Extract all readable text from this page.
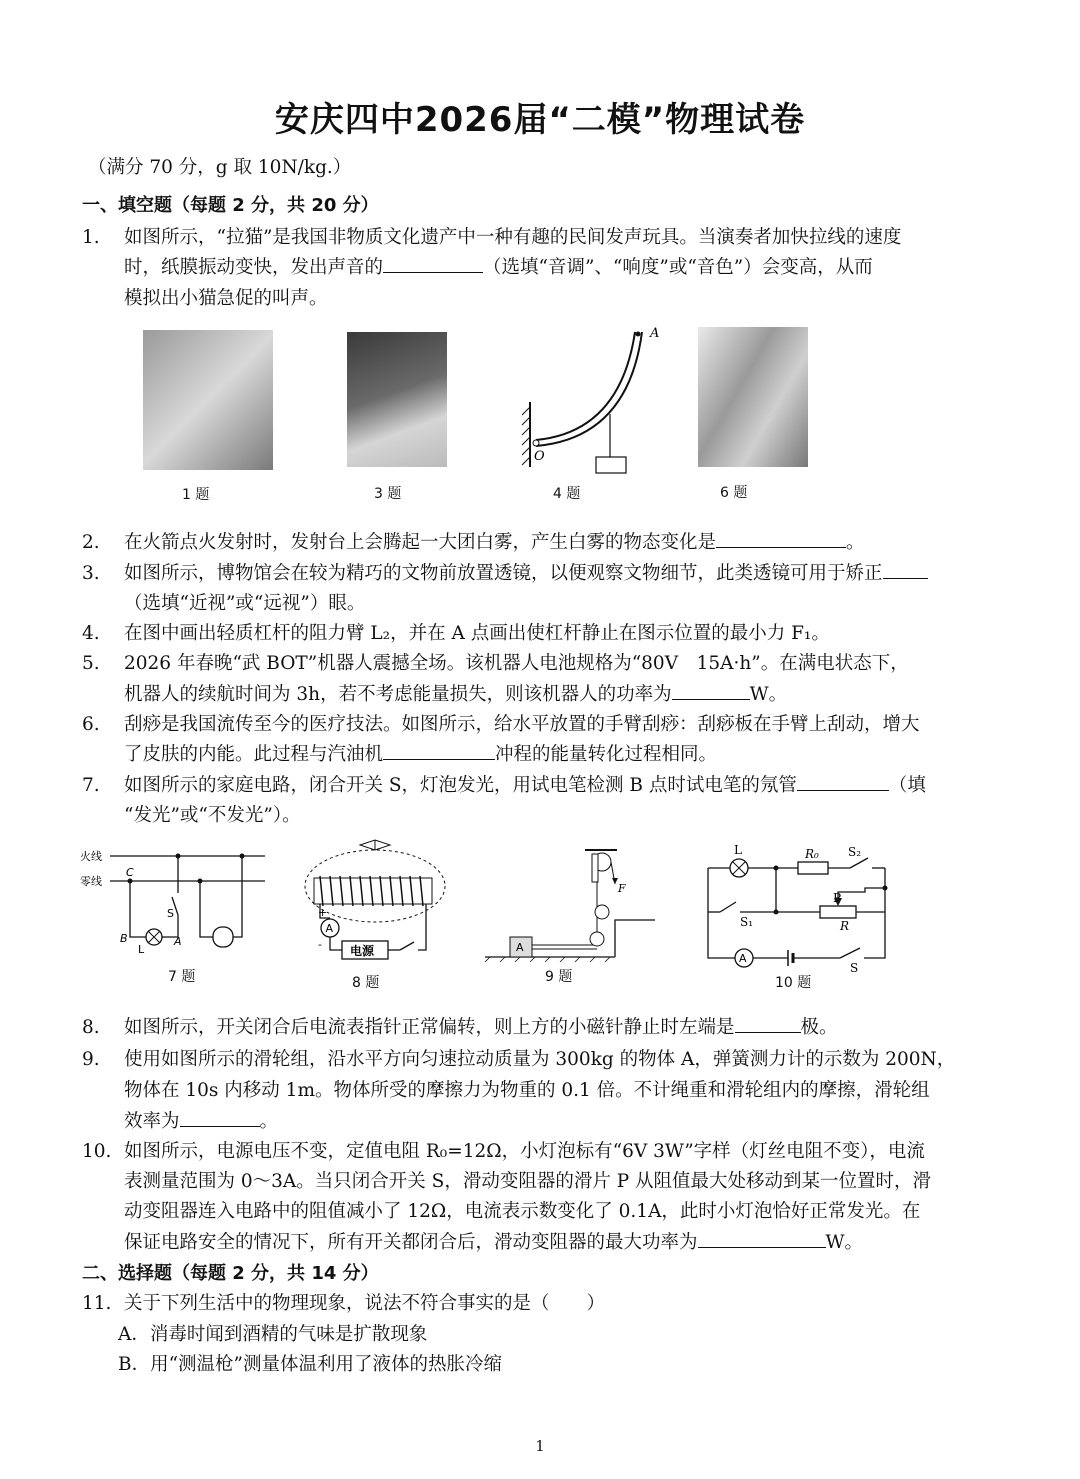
安庆四中2026届“二模”物理试卷
（满分 70 分，g 取 10N/kg.）
一、填空题（每题 2 分，共 20 分）
1. 如图所示，“拉猫”是我国非物质文化遗产中一种有趣的民间发声玩具。当演奏者加快拉线的速度
时，纸膜振动变快，发出声音的	（选填“音调”、“响度”或“音色”）会变高，从而
模拟出小猫急促的叫声。
A
O
1 题	3 题	4 题	6 题
2. 在火箭点火发射时，发射台上会腾起一大团白雾，产生白雾的物态变化是	。
3. 如图所示，博物馆会在较为精巧的文物前放置透镜，以便观察文物细节，此类透镜可用于矫正
（选填“近视”或“远视”）眼。
4. 在图中画出轻质杠杆的阻力臂 L₂，并在 A 点画出使杠杆静止在图示位置的最小力 F₁。
5. 2026 年春晚“武 BOT”机器人震撼全场。该机器人电池规格为“80V　15A·h”。在满电状态下，
机器人的续航时间为 3h，若不考虑能量损失，则该机器人的功率为	W。
6. 刮痧是我国流传至今的医疗技法。如图所示，给水平放置的手臂刮痧：刮痧板在手臂上刮动，增大
了皮肤的内能。此过程与汽油机	冲程的能量转化过程相同。
7. 如图所示的家庭电路，闭合开关 S，灯泡发光，用试电笔检测 B 点时试电笔的氖管	（填
“发光”或“不发光”）。
火线
零线
C
S
B
L
A
A
+
- 电源	A
F
L	R₀ S₂
S₁	R
S
A
7 题	8 题	9 题	10 题
8. 如图所示，开关闭合后电流表指针正常偏转，则上方的小磁针静止时左端是	极。
9. 使用如图所示的滑轮组，沿水平方向匀速拉动质量为 300kg 的物体 A，弹簧测力计的示数为 200N，
物体在 10s 内移动 1m。物体所受的摩擦力为物重的 0.1 倍。不计绳重和滑轮组内的摩擦，滑轮组
效率为	。
10. 如图所示，电源电压不变，定值电阻 R₀=12Ω，小灯泡标有“6V 3W”字样（灯丝电阻不变），电流
表测量范围为 0～3A。当只闭合开关 S，滑动变阻器的滑片 P 从阻值最大处移动到某一位置时，滑
动变阻器连入电路中的阻值减小了 12Ω，电流表示数变化了 0.1A，此时小灯泡恰好正常发光。在
保证电路安全的情况下，所有开关都闭合后，滑动变阻器的最大功率为	W。
二、选择题（每题 2 分，共 14 分）
11. 关于下列生活中的物理现象，说法不符合事实的是（　　）
A．消毒时闻到酒精的气味是扩散现象
B．用“测温枪”测量体温利用了液体的热胀冷缩
1
